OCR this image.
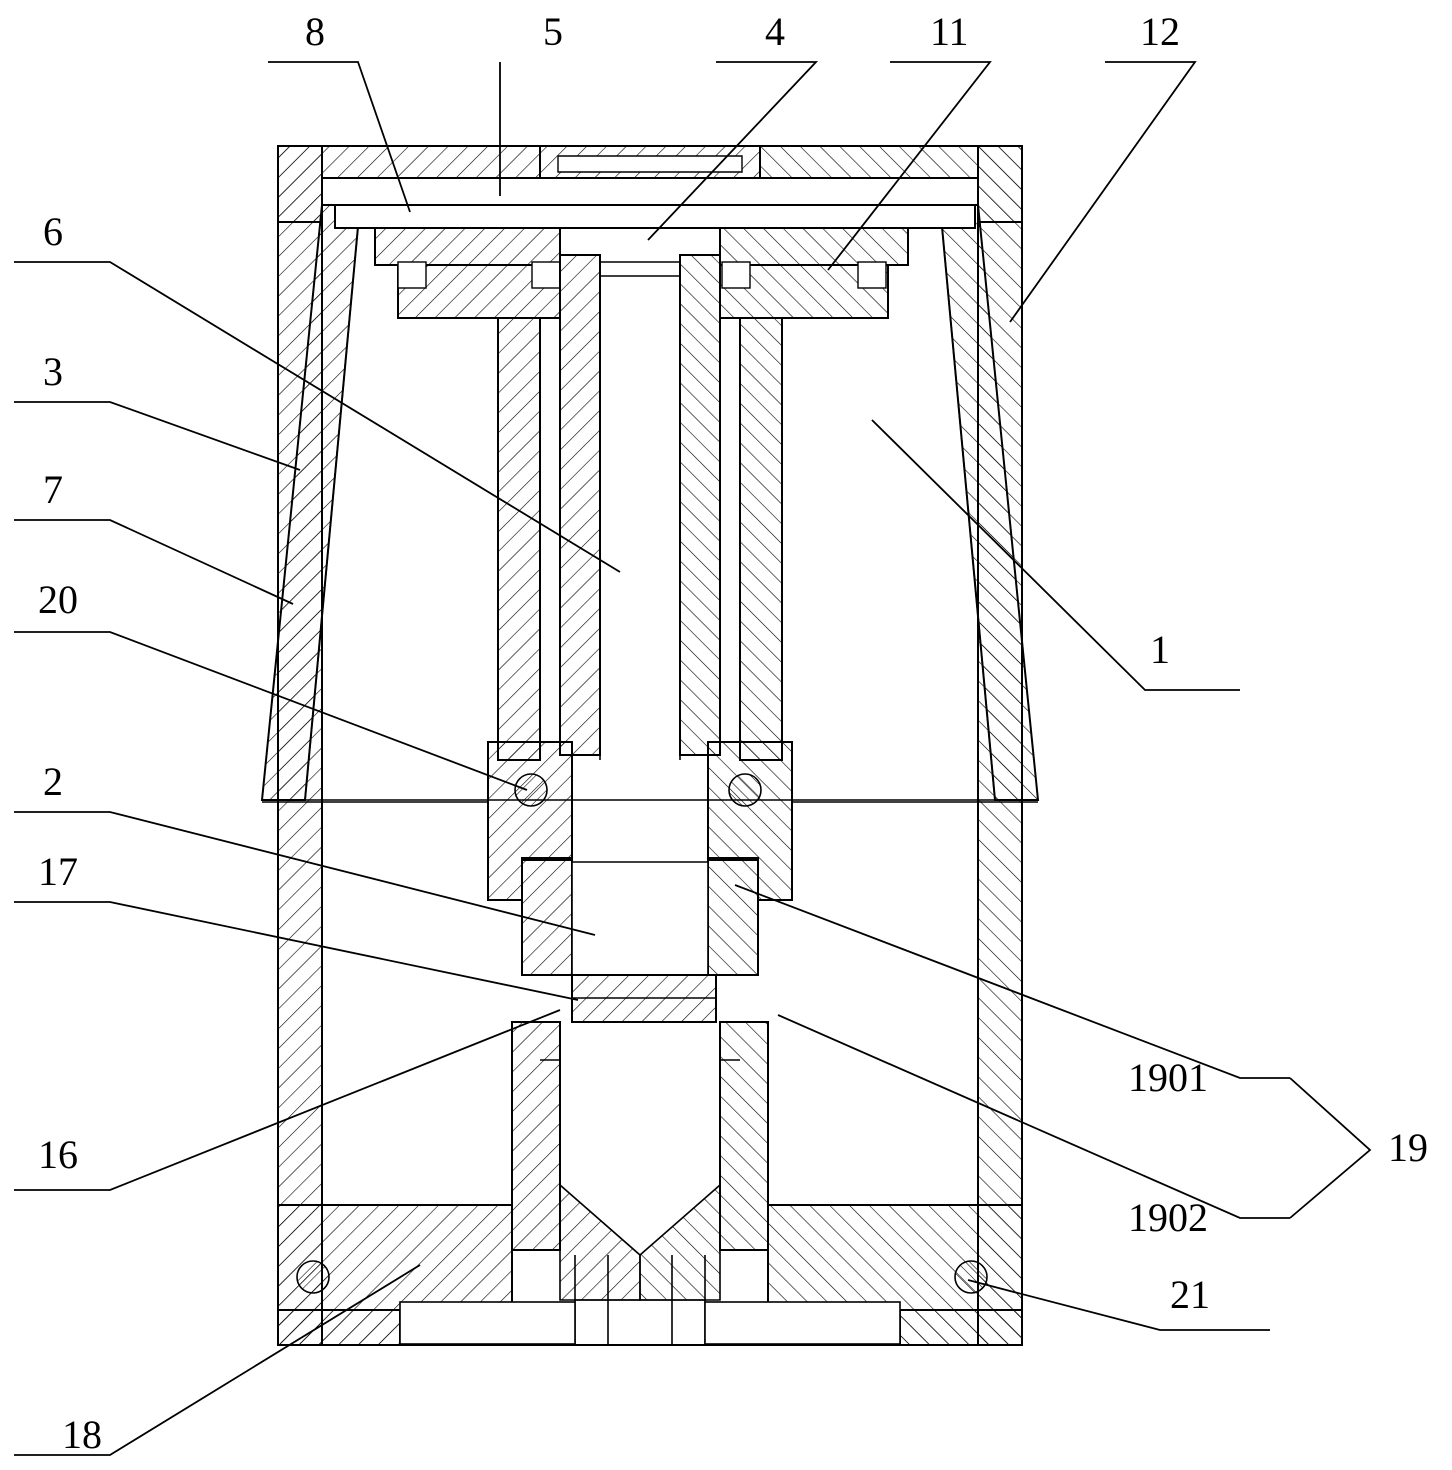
8	5	4	11	12
6
3
7
20
2
17
16
18
1
1901
1902
19
21
